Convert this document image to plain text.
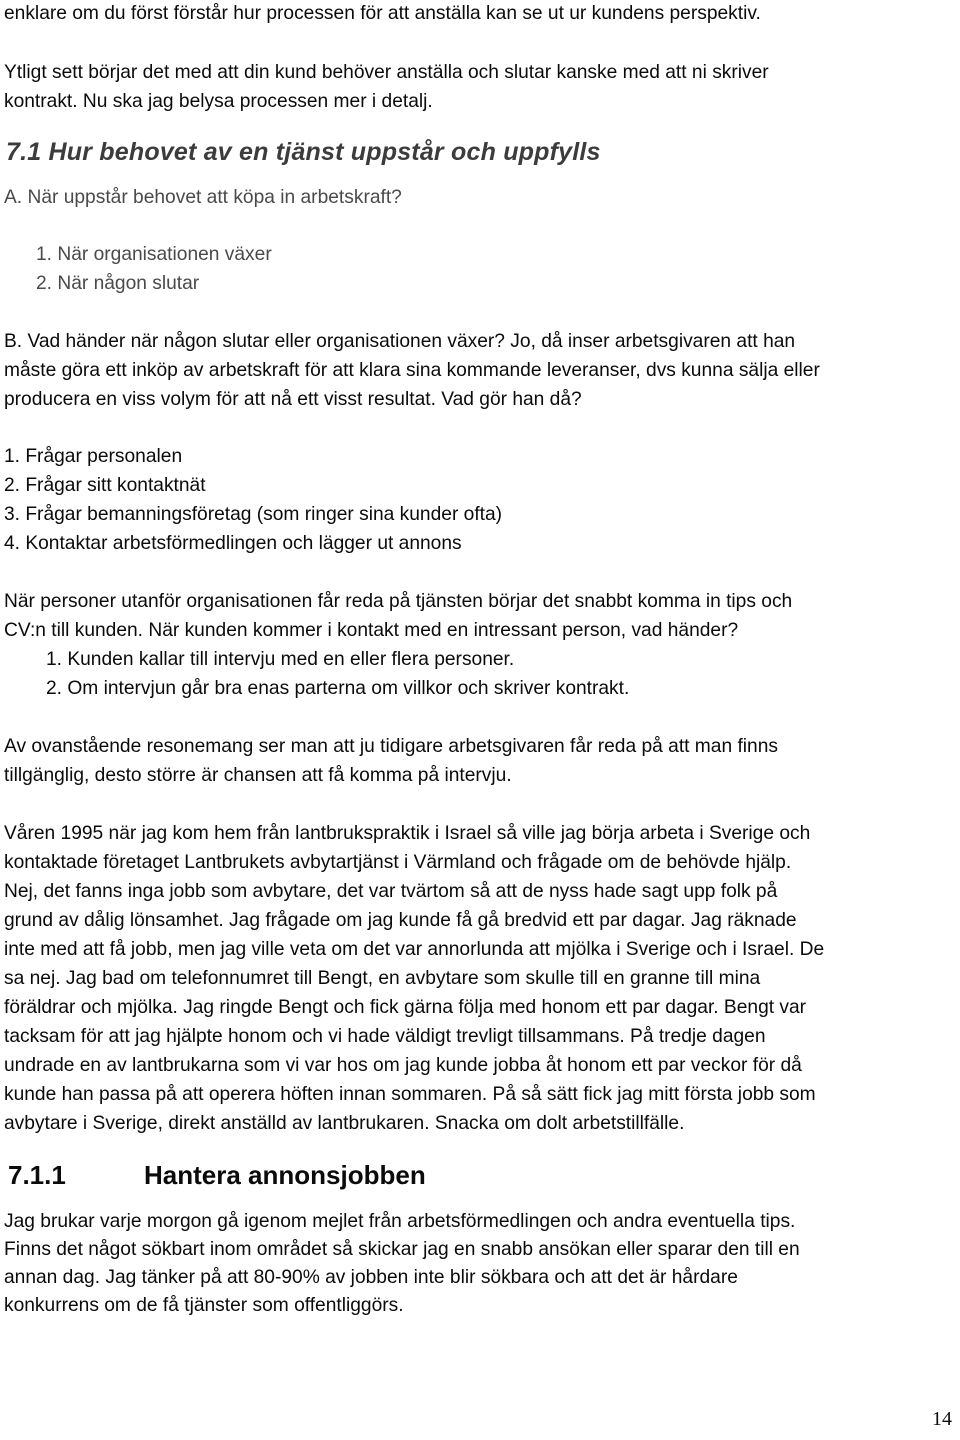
enklare om du först förstår hur processen för att anställa kan se ut ur kundens perspektiv.

Ytligt sett börjar det med att din kund behöver anställa och slutar kanske med att ni skriver

kontrakt. Nu ska jag belysa processen mer i detalj.

7.1 Hur behovet av en tjänst uppstår och uppfylls

A. När uppstår behovet att köpa in arbetskraft?

1. När organisationen växer

2. När någon slutar

B. Vad händer när någon slutar eller organisationen växer? Jo, då inser arbetsgivaren att han

måste göra ett inköp av arbetskraft för att klara sina kommande leveranser, dvs kunna sälja eller

producera en viss volym för att nå ett visst resultat. Vad gör han då?

1. Frågar personalen

2. Frågar sitt kontaktnät

3. Frågar bemanningsföretag (som ringer sina kunder ofta)

4. Kontaktar arbetsförmedlingen och lägger ut annons

När personer utanför organisationen får reda på tjänsten börjar det snabbt komma in tips och

CV:n till kunden. När kunden kommer i kontakt med en intressant person, vad händer?

1. Kunden kallar till intervju med en eller flera personer.

2. Om intervjun går bra enas parterna om villkor och skriver kontrakt.

Av ovanstående resonemang ser man att ju tidigare arbetsgivaren får reda på att man finns

tillgänglig, desto större är chansen att få komma på intervju.

Våren 1995 när jag kom hem från lantbrukspraktik i Israel så ville jag börja arbeta i Sverige och

kontaktade företaget Lantbrukets avbytartjänst i Värmland och frågade om de behövde hjälp.

Nej, det fanns inga jobb som avbytare, det var tvärtom så att de nyss hade sagt upp folk på

grund av dålig lönsamhet. Jag frågade om jag kunde få gå bredvid ett par dagar. Jag räknade

inte med att få jobb, men jag ville veta om det var annorlunda att mjölka i Sverige och i Israel. De

sa nej. Jag bad om telefonnumret till Bengt, en avbytare som skulle till en granne till mina

föräldrar och mjölka. Jag ringde Bengt och fick gärna följa med honom ett par dagar. Bengt var

tacksam för att jag hjälpte honom och vi hade väldigt trevligt tillsammans. På tredje dagen

undrade en av lantbrukarna som vi var hos om jag kunde jobba åt honom ett par veckor för då

kunde han passa på att operera höften innan sommaren. På så sätt fick jag mitt första jobb som

avbytare i Sverige, direkt anställd av lantbrukaren. Snacka om dolt arbetstillfälle.

7.1.1	Hantera annonsjobben

Jag brukar varje morgon gå igenom mejlet från arbetsförmedlingen och andra eventuella tips.

Finns det något sökbart inom området så skickar jag en snabb ansökan eller sparar den till en

annan dag. Jag tänker på att 80-90% av jobben inte blir sökbara och att det är hårdare

konkurrens om de få tjänster som offentliggörs.

14
